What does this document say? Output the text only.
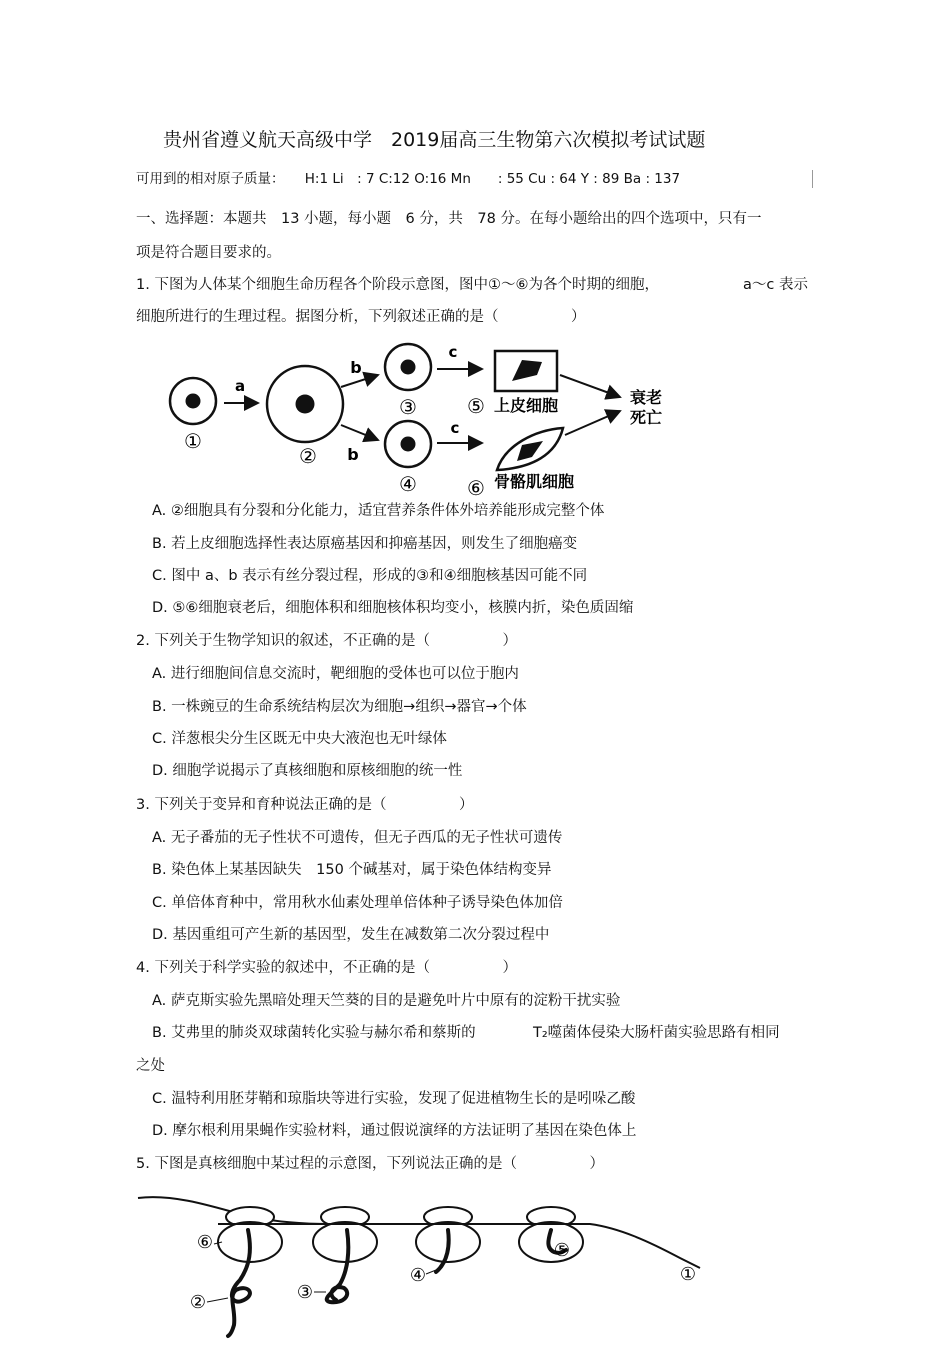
贵州省遵义航天高级中学　2019届高三生物第六次模拟考试试题
可用到的相对原子质量：　　H:1 Li　: 7 C:12 O:16 Mn　　: 55 Cu : 64 Y : 89 Ba : 137
一、选择题：本题共　13 小题，每小题　6 分，共　78 分。在每小题给出的四个选项中，只有一
项是符合题目要求的。
1. 下图为人体某个细胞生命历程各个阶段示意图，图中①～⑥为各个时期的细胞，	a～c 表示
细胞所进行的生理过程。据图分析，下列叙述正确的是（　　　　　）
①
a
②
b
b
③
④
c
c
⑤ 上皮细胞
⑥ 骨骼肌细胞
衰老
死亡
A. ②细胞具有分裂和分化能力，适宜营养条件体外培养能形成完整个体
B. 若上皮细胞选择性表达原癌基因和抑癌基因，则发生了细胞癌变
C. 图中 a、b 表示有丝分裂过程，形成的③和④细胞核基因可能不同
D. ⑤⑥细胞衰老后，细胞体积和细胞核体积均变小，核膜内折，染色质固缩
2. 下列关于生物学知识的叙述，不正确的是（　　　　　）
A. 进行细胞间信息交流时，靶细胞的受体也可以位于胞内
B. 一株豌豆的生命系统结构层次为细胞→组织→器官→个体
C. 洋葱根尖分生区既无中央大液泡也无叶绿体
D. 细胞学说揭示了真核细胞和原核细胞的统一性
3. 下列关于变异和育种说法正确的是（　　　　　）
A. 无子番茄的无子性状不可遗传，但无子西瓜的无子性状可遗传
B. 染色体上某基因缺失　150 个碱基对，属于染色体结构变异
C. 单倍体育种中，常用秋水仙素处理单倍体种子诱导染色体加倍
D. 基因重组可产生新的基因型，发生在减数第二次分裂过程中
4. 下列关于科学实验的叙述中，不正确的是（　　　　　）
A. 萨克斯实验先黑暗处理天竺葵的目的是避免叶片中原有的淀粉干扰实验
B. 艾弗里的肺炎双球菌转化实验与赫尔希和蔡斯的	T₂噬菌体侵染大肠杆菌实验思路有相同
之处
C. 温特利用胚芽鞘和琼脂块等进行实验，发现了促进植物生长的是吲哚乙酸
D. 摩尔根利用果蝇作实验材料，通过假说演绎的方法证明了基因在染色体上
5. 下图是真核细胞中某过程的示意图，下列说法正确的是（　　　　　）
⑥
②	③
④
⑤
①
